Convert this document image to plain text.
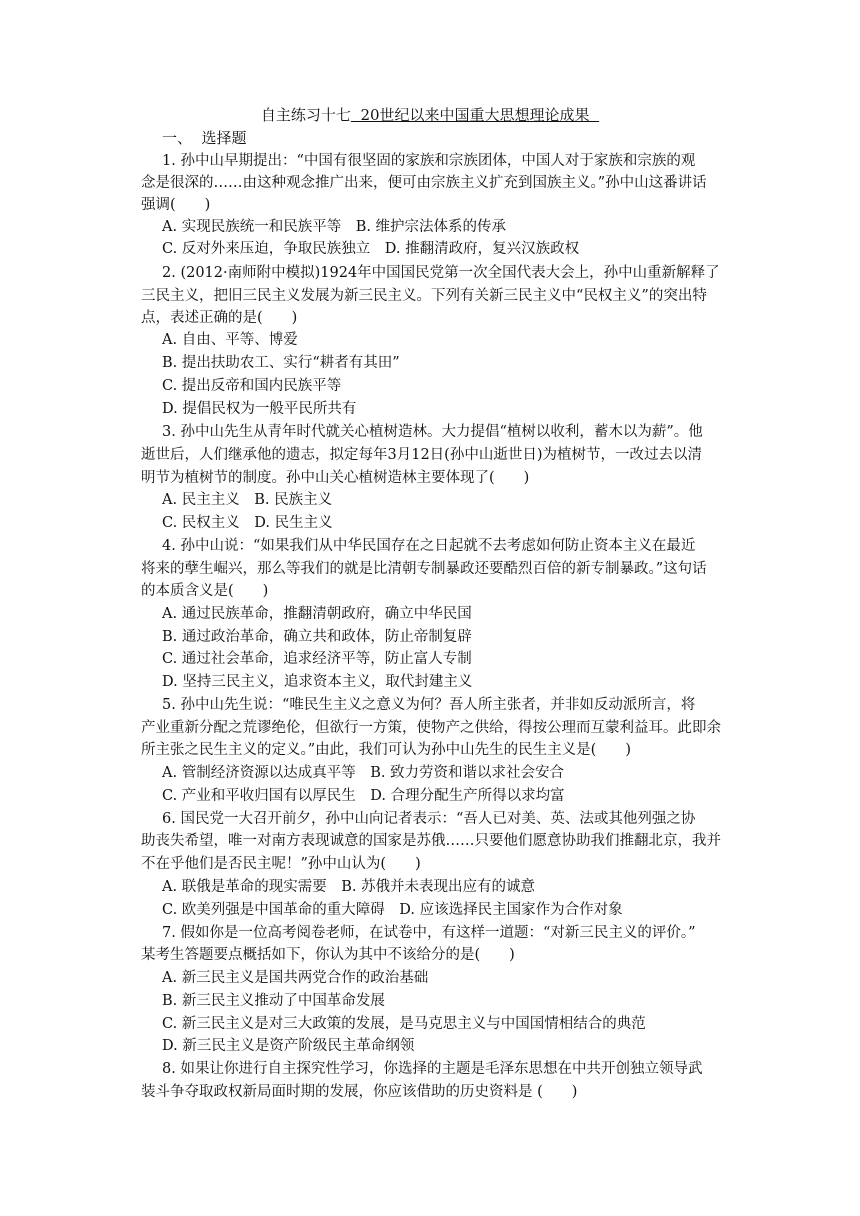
自主练习十七  20世纪以来中国重大思想理论成果
一、  选择题
1. 孙中山早期提出：“中国有很坚固的家族和宗族团体，中国人对于家族和宗族的观
念是很深的……由这种观念推广出来，便可由宗族主义扩充到国族主义。”孙中山这番讲话
强调(　　)
A. 实现民族统一和民族平等　B. 维护宗法体系的传承
C. 反对外来压迫，争取民族独立　D. 推翻清政府，复兴汉族政权
2. (2012·南师附中模拟)1924年中国国民党第一次全国代表大会上，孙中山重新解释了
三民主义，把旧三民主义发展为新三民主义。下列有关新三民主义中“民权主义”的突出特
点，表述正确的是(　　)
A. 自由、平等、博爱
B. 提出扶助农工、实行“耕者有其田”
C. 提出反帝和国内民族平等
D. 提倡民权为一般平民所共有
3. 孙中山先生从青年时代就关心植树造林。大力提倡“植树以收利，蓄木以为薪”。他
逝世后，人们继承他的遗志，拟定每年3月12日(孙中山逝世日)为植树节，一改过去以清
明节为植树节的制度。孙中山关心植树造林主要体现了(　　)
A. 民主主义　B. 民族主义
C. 民权主义　D. 民生主义
4. 孙中山说：“如果我们从中华民国存在之日起就不去考虑如何防止资本主义在最近
将来的孽生崛兴，那么等我们的就是比清朝专制暴政还要酷烈百倍的新专制暴政。”这句话
的本质含义是(　　)
A. 通过民族革命，推翻清朝政府，确立中华民国
B. 通过政治革命，确立共和政体，防止帝制复辟
C. 通过社会革命，追求经济平等，防止富人专制
D. 坚持三民主义，追求资本主义，取代封建主义
5. 孙中山先生说：“唯民生主义之意义为何？吾人所主张者，并非如反动派所言，将
产业重新分配之荒谬绝伦，但欲行一方策，使物产之供给，得按公理而互蒙利益耳。此即余
所主张之民生主义的定义。”由此，我们可认为孙中山先生的民生主义是(　　)
A. 管制经济资源以达成真平等　B. 致力劳资和谐以求社会安合
C. 产业和平收归国有以厚民生　D. 合理分配生产所得以求均富
6. 国民党一大召开前夕，孙中山向记者表示：“吾人已对美、英、法或其他列强之协
助丧失希望，唯一对南方表现诚意的国家是苏俄……只要他们愿意协助我们推翻北京，我并
不在乎他们是否民主呢！”孙中山认为(　　)
A. 联俄是革命的现实需要　B. 苏俄并未表现出应有的诚意
C. 欧美列强是中国革命的重大障碍　D. 应该选择民主国家作为合作对象
7. 假如你是一位高考阅卷老师，在试卷中，有这样一道题：“对新三民主义的评价。”
某考生答题要点概括如下，你认为其中不该给分的是(　　)
A. 新三民主义是国共两党合作的政治基础
B. 新三民主义推动了中国革命发展
C. 新三民主义是对三大政策的发展，是马克思主义与中国国情相结合的典范
D. 新三民主义是资产阶级民主革命纲领
8. 如果让你进行自主探究性学习，你选择的主题是毛泽东思想在中共开创独立领导武
装斗争夺取政权新局面时期的发展，你应该借助的历史资料是 (　　)
